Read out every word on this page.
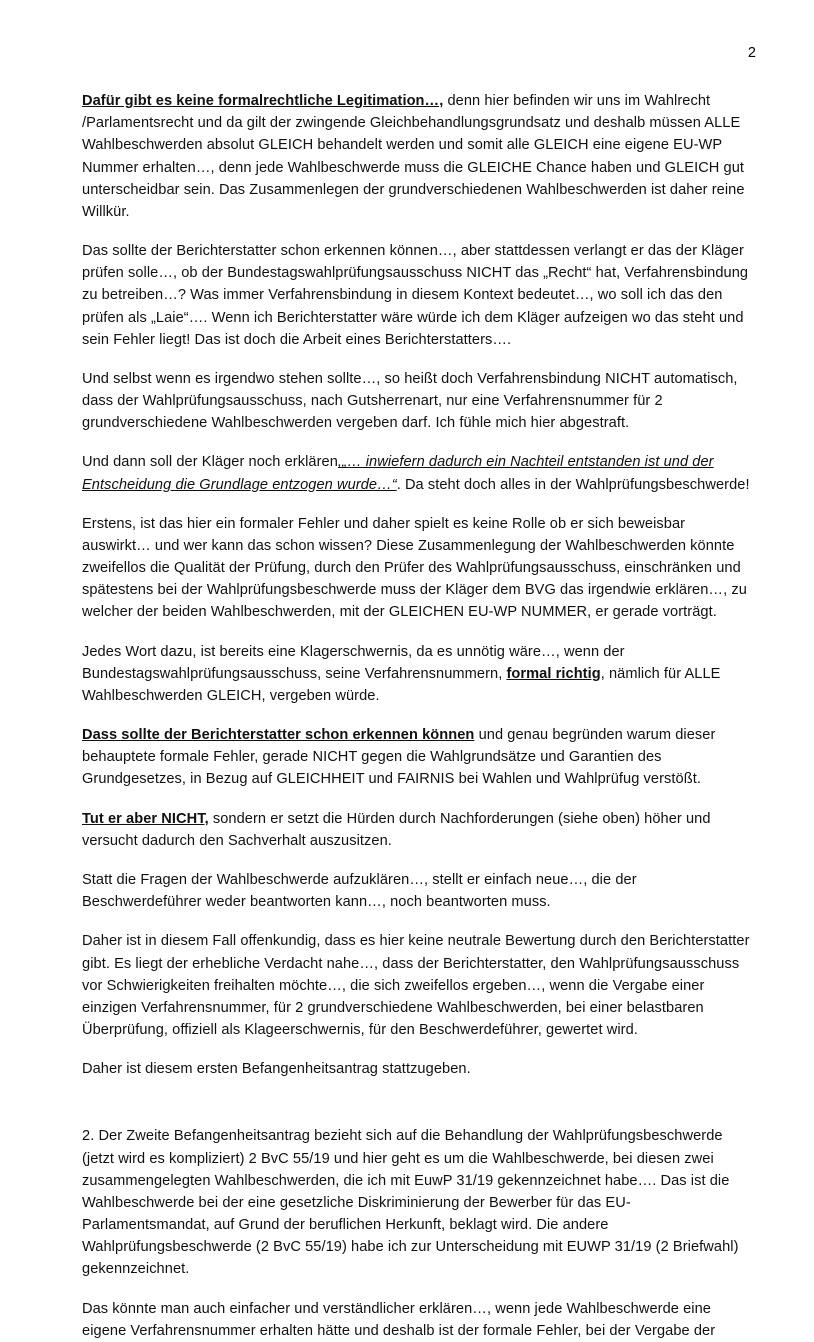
2

Dafür gibt es keine formalrechtliche Legitimation…, denn hier befinden wir uns im Wahlrecht /Parlamentsrecht und da gilt der zwingende Gleichbehandlungsgrundsatz und deshalb müssen ALLE Wahlbeschwerden absolut GLEICH behandelt werden und somit alle GLEICH eine eigene EU-WP Nummer erhalten…, denn jede Wahlbeschwerde muss die GLEICHE Chance haben und GLEICH gut unterscheidbar sein. Das Zusammenlegen der grundverschiedenen Wahlbeschwerden ist daher reine Willkür.

Das sollte der Berichterstatter schon erkennen können…, aber stattdessen verlangt er das der Kläger prüfen solle…, ob der Bundestagswahlprüfungsausschuss NICHT das „Recht“ hat, Verfahrensbindung zu betreiben…? Was immer Verfahrensbindung in diesem Kontext bedeutet…, wo soll ich das den prüfen als „Laie“…. Wenn ich Berichterstatter wäre würde ich dem Kläger aufzeigen wo das steht und sein Fehler liegt! Das ist doch die Arbeit eines Berichterstatters….

Und selbst wenn es irgendwo stehen sollte…, so heißt doch Verfahrensbindung NICHT automatisch, dass der Wahlprüfungsausschuss, nach Gutsherrenart, nur eine Verfahrensnummer für 2 grundverschiedene Wahlbeschwerden vergeben darf. Ich fühle mich hier abgestraft.

Und dann soll der Kläger noch erklären,„… inwiefern dadurch ein Nachteil entstanden ist und der Entscheidung die Grundlage entzogen wurde…“. Da steht doch alles in der Wahlprüfungsbeschwerde!

Erstens, ist das hier ein formaler Fehler und daher spielt es keine Rolle ob er sich beweisbar auswirkt… und wer kann das schon wissen? Diese Zusammenlegung der Wahlbeschwerden könnte zweifellos die Qualität der Prüfung, durch den Prüfer des Wahlprüfungsausschuss, einschränken und spätestens bei der Wahlprüfungsbeschwerde muss der Kläger dem BVG das irgendwie erklären…, zu welcher der beiden Wahlbeschwerden, mit der GLEICHEN EU-WP NUMMER, er gerade vorträgt.

Jedes Wort dazu, ist bereits eine Klagerschwernis, da es unnötig wäre…, wenn der Bundestagswahlprüfungsausschuss, seine Verfahrensnummern, formal richtig, nämlich für ALLE Wahlbeschwerden GLEICH, vergeben würde.

Dass sollte der Berichterstatter schon erkennen können und genau begründen warum dieser behauptete formale Fehler, gerade NICHT gegen die Wahlgrundsätze und Garantien des Grundgesetzes, in Bezug auf GLEICHHEIT und FAIRNIS bei Wahlen und Wahlprüfug verstößt.

Tut er aber NICHT, sondern er setzt die Hürden durch Nachforderungen (siehe oben) höher und versucht dadurch den Sachverhalt auszusitzen.

Statt die Fragen der Wahlbeschwerde aufzuklären…, stellt er einfach neue…, die der Beschwerdeführer weder beantworten kann…, noch beantworten muss.

Daher ist in diesem Fall offenkundig, dass es hier keine neutrale Bewertung durch den Berichterstatter gibt. Es liegt der erhebliche Verdacht nahe…, dass der Berichterstatter, den Wahlprüfungsausschuss vor Schwierigkeiten freihalten möchte…, die sich zweifellos ergeben…, wenn die Vergabe einer einzigen Verfahrensnummer, für 2 grundverschiedene Wahlbeschwerden, bei einer belastbaren Überprüfung, offiziell als Klageerschwernis, für den Beschwerdeführer, gewertet wird.

Daher ist diesem ersten Befangenheitsantrag stattzugeben.

2. Der Zweite Befangenheitsantrag bezieht sich auf die Behandlung der Wahlprüfungsbeschwerde (jetzt wird es kompliziert) 2 BvC 55/19 und hier geht es um die Wahlbeschwerde, bei diesen zwei zusammengelegten Wahlbeschwerden, die ich mit EuwP 31/19 gekennzeichnet habe…. Das ist die Wahlbeschwerde bei der eine gesetzliche Diskriminierung der Bewerber für das EU-Parlamentsmandat, auf Grund der beruflichen Herkunft, beklagt wird. Die andere Wahlprüfungsbeschwerde (2 BvC 55/19) habe ich zur Unterscheidung mit EUWP 31/19 (2 Briefwahl) gekennzeichnet.

Das könnte man auch einfacher und verständlicher erklären…, wenn jede Wahlbeschwerde eine eigene Verfahrensnummer erhalten hätte und deshalb ist der formale Fehler, bei der Vergabe der
